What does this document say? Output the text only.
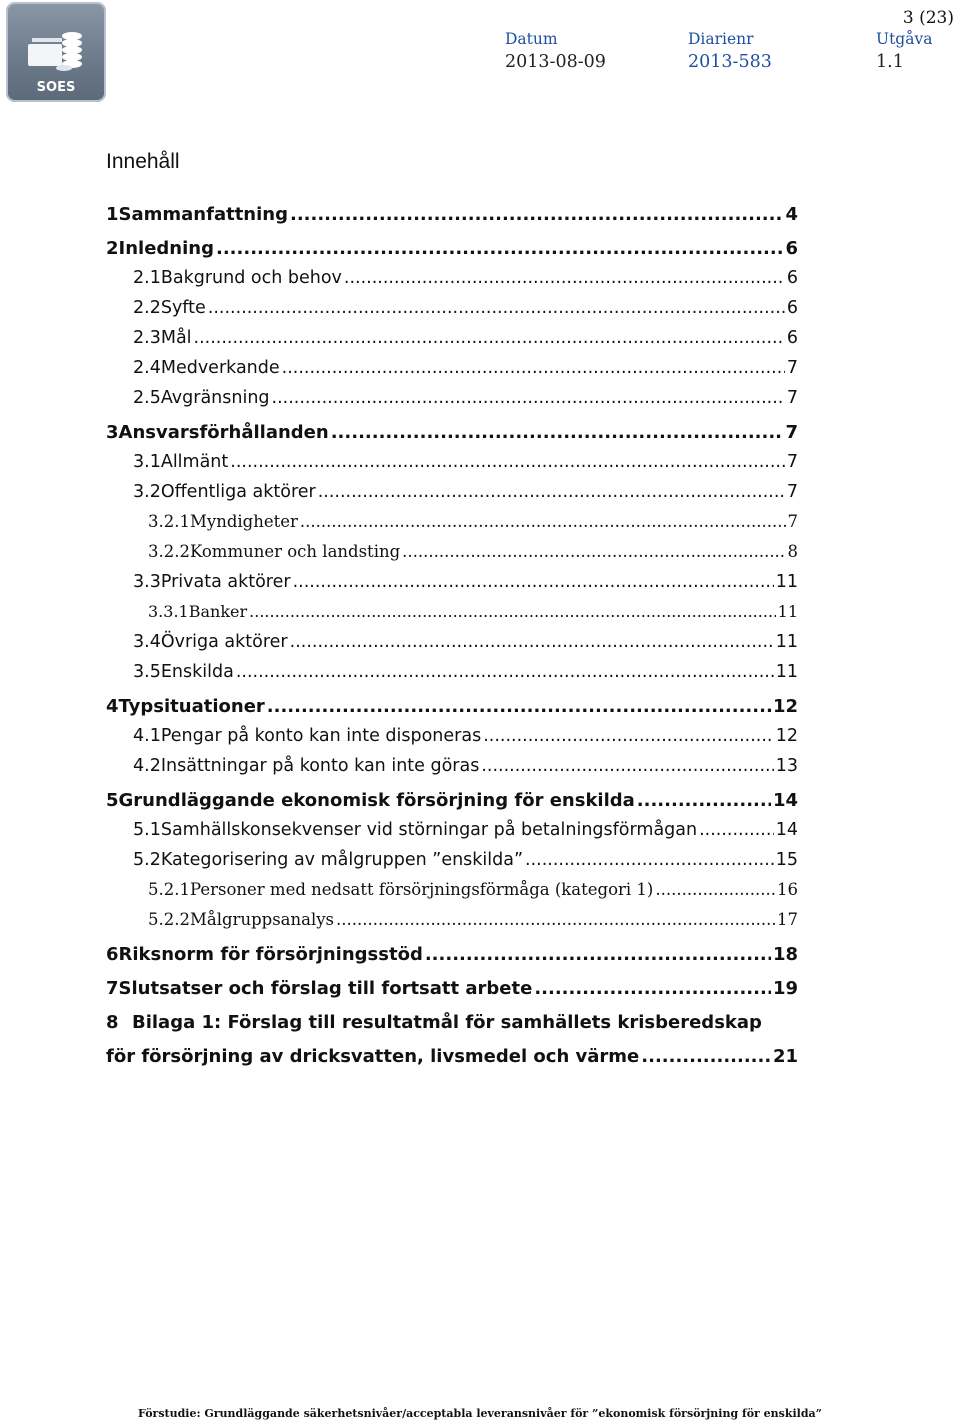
SOES
3 (23)
Datum
2013-08-09
Diarienr
2013-583
Utgåva
1.1
Innehåll
1 Sammanfattning .....	4
2 Inledning .....	6
2.1 Bakgrund och behov .....	6
2.2 Syfte .....	6
2.3 Mål .....	6
2.4 Medverkande .....	7
2.5 Avgränsning .....	7
3 Ansvarsförhållanden .....	7
3.1 Allmänt .....	7
3.2 Offentliga aktörer .....	7
3.2.1 Myndigheter .....	7
3.2.2 Kommuner och landsting .....	8
3.3 Privata aktörer .....	11
3.3.1 Banker .....	11
3.4 Övriga aktörer .....	11
3.5 Enskilda .....	11
4 Typsituationer .....	12
4.1 Pengar på konto kan inte disponeras .....	12
4.2 Insättningar på konto kan inte göras .....	13
5 Grundläggande ekonomisk försörjning för enskilda .....	14
5.1 Samhällskonsekvenser vid störningar på betalningsförmågan .....	14
5.2 Kategorisering av målgruppen ”enskilda” .....	15
5.2.1 Personer med nedsatt försörjningsförmåga (kategori 1) .....	16
5.2.2 Målgruppsanalys .....	17
6 Riksnorm för försörjningsstöd .....	18
7 Slutsatser och förslag till fortsatt arbete .....	19
8 Bilaga 1: Förslag till resultatmål för samhällets krisberedskap
för försörjning av dricksvatten, livsmedel och värme .....	21
Förstudie: Grundläggande säkerhetsnivåer/acceptabla leveransnivåer för ”ekonomisk försörjning för enskilda”
